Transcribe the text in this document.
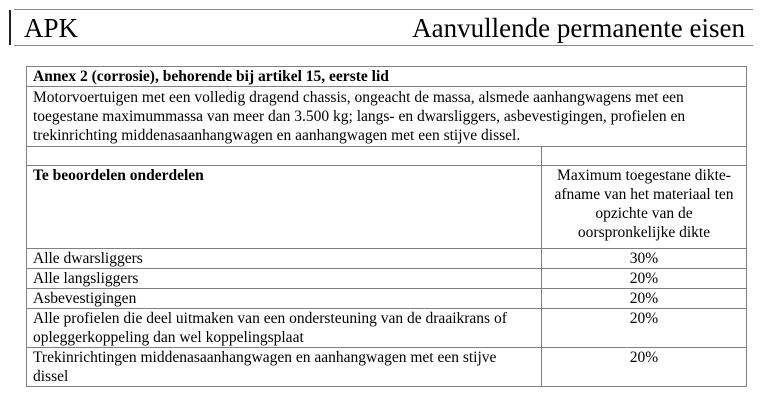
APK	Aanvullende permanente eisen
Annex 2 (corrosie), behorende bij artikel 15, eerste lid	
Motorvoertuigen met een volledig dragend chassis, ongeacht de massa, alsmede aanhangwagens met een toegestane maximummassa van meer dan 3.500 kg; langs- en dwarsliggers, asbevestigingen, profielen en trekinrichting middenasaanhangwagen en aanhangwagen met een stijve dissel.	

Te beoordelen onderdelen	Maximum toegestane dikte-afname van het materiaal ten opzichte van de oorspronkelijke dikte
Alle dwarsliggers	30%
Alle langsliggers	20%
Asbevestigingen	20%
Alle profielen die deel uitmaken van een ondersteuning van de draaikrans of opleggerkoppeling dan wel koppelingsplaat	20%
Trekinrichtingen middenasaanhangwagen en aanhangwagen met een stijve dissel	20%
